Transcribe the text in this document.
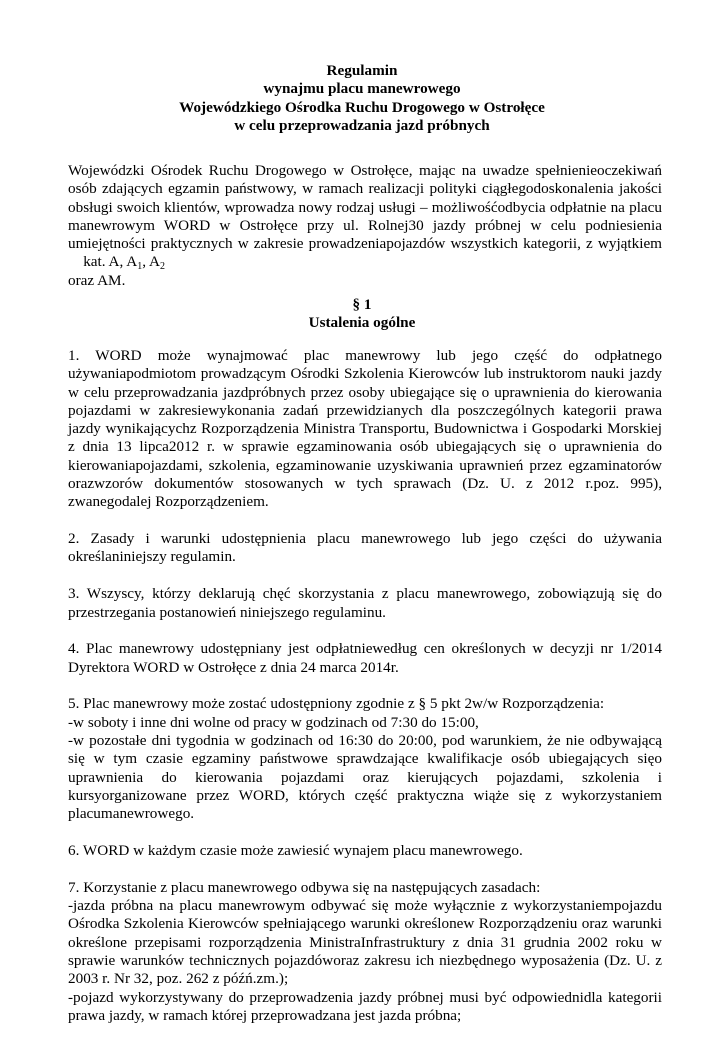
Regulamin
wynajmu placu manewrowego
Wojewódzkiego Ośrodka Ruchu Drogowego w Ostrołęce
w celu przeprowadzania jazd próbnych
Wojewódzki Ośrodek Ruchu Drogowego w Ostrołęce, mając na uwadze spełnienieoczekiwań osób zdających egzamin państwowy, w ramach realizacji polityki ciągłegodoskonalenia jakości obsługi swoich klientów, wprowadza nowy rodzaj usługi – możliwośćodbycia odpłatnie na placu manewrowym WORD w Ostrołęce przy ul. Rolnej30 jazdy próbnej w celu podniesienia umiejętności praktycznych w zakresie prowadzeniapojazdów wszystkich kategorii, z wyjątkiem     kat. A, $A_1$, $A_2$
oraz AM.
§ 1
Ustalenia ogólne
1. WORD może wynajmować plac manewrowy lub jego część do odpłatnego używaniapodmiotom prowadzącym Ośrodki Szkolenia Kierowców lub instruktorom nauki jazdy w celu przeprowadzania jazdpróbnych przez osoby ubiegające się o uprawnienia do kierowania pojazdami w zakresiewykonania zadań przewidzianych dla poszczególnych kategorii prawa jazdy wynikającychz Rozporządzenia Ministra Transportu, Budownictwa i Gospodarki Morskiej z dnia 13 lipca2012 r. w sprawie egzaminowania osób ubiegających się o uprawnienia do kierowaniapojazdami, szkolenia, egzaminowanie uzyskiwania uprawnień przez egzaminatorów orazwzorów dokumentów stosowanych w tych sprawach (Dz. U. z 2012 r.poz. 995), zwanegodalej Rozporządzeniem.
2. Zasady i warunki udostępnienia placu manewrowego lub jego części do używania określaniniejszy regulamin.
3. Wszyscy, którzy deklarują chęć skorzystania z placu manewrowego, zobowiązują się do przestrzegania postanowień niniejszego regulaminu.
4. Plac manewrowy udostępniany jest odpłatniewedług cen określonych w decyzji nr 1/2014 Dyrektora WORD w Ostrołęce z dnia 24 marca 2014r.
5. Plac manewrowy może zostać udostępniony zgodnie z § 5 pkt 2w/w Rozporządzenia:
-w soboty i inne dni wolne od pracy w godzinach od 7:30 do 15:00,
-w pozostałe dni tygodnia w godzinach od 16:30 do 20:00, pod warunkiem, że nie odbywającą się w tym czasie egzaminy państwowe sprawdzające kwalifikacje osób ubiegających sięo uprawnienia do kierowania pojazdami oraz kierujących pojazdami, szkolenia i kursyorganizowane przez WORD, których część praktyczna wiąże się z wykorzystaniem placumanewrowego.
6. WORD w każdym czasie może zawiesić wynajem placu manewrowego.
7. Korzystanie z placu manewrowego odbywa się na następujących zasadach:
-jazda próbna na placu manewrowym odbywać się może wyłącznie z wykorzystaniempojazdu Ośrodka Szkolenia Kierowców spełniającego warunki określonew Rozporządzeniu oraz warunki określone przepisami rozporządzenia MinistraInfrastruktury z dnia 31 grudnia 2002 roku w sprawie warunków technicznych pojazdóworaz zakresu ich niezbędnego wyposażenia (Dz. U. z 2003 r. Nr 32, poz. 262 z późń.zm.);
-pojazd wykorzystywany do przeprowadzenia jazdy próbnej musi być odpowiednidla kategorii prawa jazdy, w ramach której przeprowadzana jest jazda próbna;
